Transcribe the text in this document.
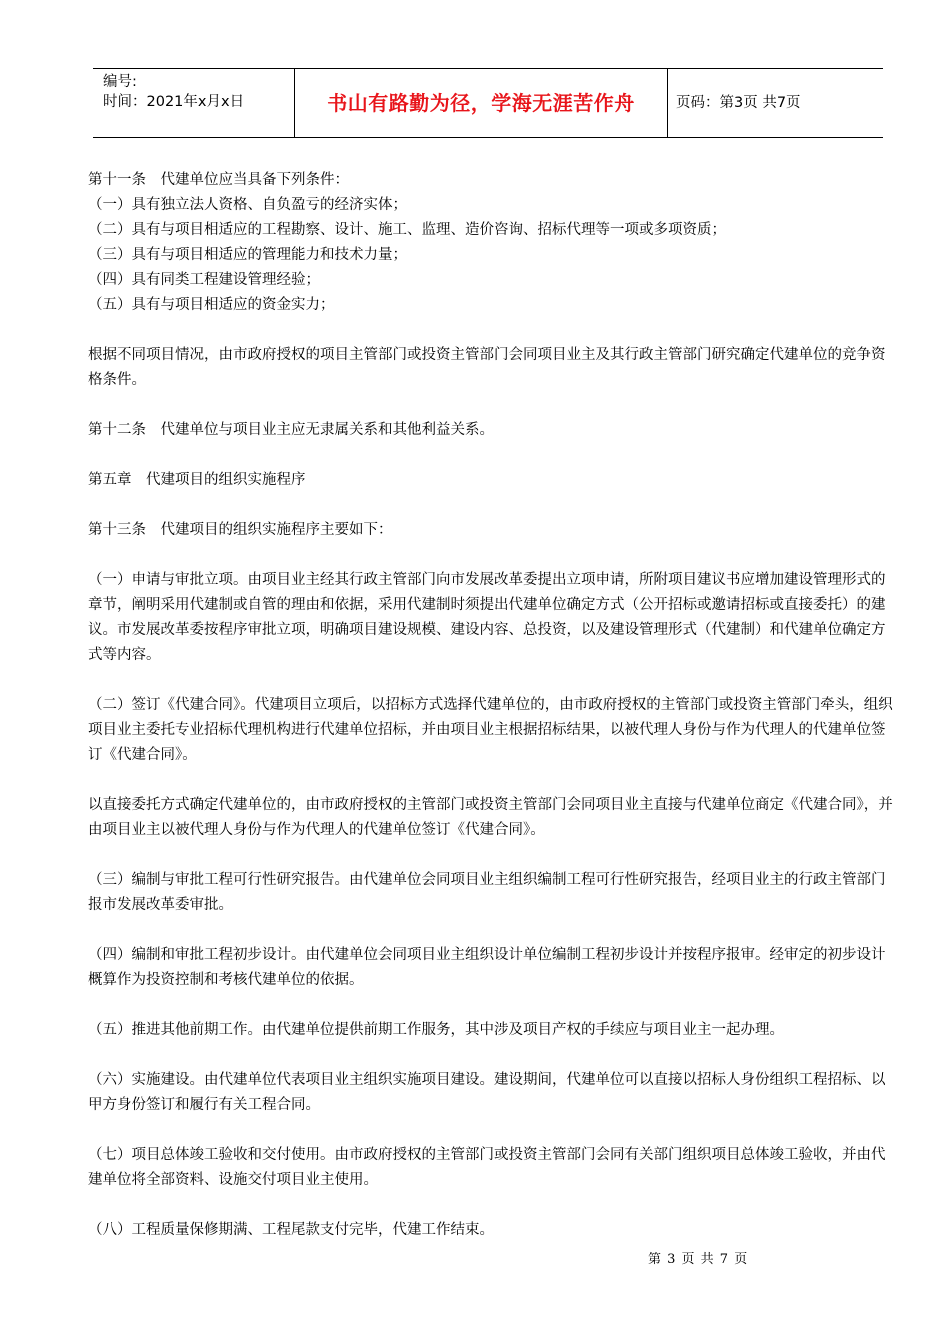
编号:
时间：2021年x月x日	书山有路勤为径，学海无涯苦作舟	页码：第3页 共7页

第十一条　代建单位应当具备下列条件：

（一）具有独立法人资格、自负盈亏的经济实体；

（二）具有与项目相适应的工程勘察、设计、施工、监理、造价咨询、招标代理等一项或多项资质；

（三）具有与项目相适应的管理能力和技术力量；

（四）具有同类工程建设管理经验；

（五）具有与项目相适应的资金实力；

根据不同项目情况，由市政府授权的项目主管部门或投资主管部门会同项目业主及其行政主管部门研究确定代建单位的竞争资格条件。

第十二条　代建单位与项目业主应无隶属关系和其他利益关系。

第五章　代建项目的组织实施程序

第十三条　代建项目的组织实施程序主要如下：

（一）申请与审批立项。由项目业主经其行政主管部门向市发展改革委提出立项申请，所附项目建议书应增加建设管理形式的章节，阐明采用代建制或自管的理由和依据，采用代建制时须提出代建单位确定方式（公开招标或邀请招标或直接委托）的建议。市发展改革委按程序审批立项，明确项目建设规模、建设内容、总投资，以及建设管理形式（代建制）和代建单位确定方式等内容。

（二）签订《代建合同》。代建项目立项后，以招标方式选择代建单位的，由市政府授权的主管部门或投资主管部门牵头，组织项目业主委托专业招标代理机构进行代建单位招标，并由项目业主根据招标结果，以被代理人身份与作为代理人的代建单位签订《代建合同》。

以直接委托方式确定代建单位的，由市政府授权的主管部门或投资主管部门会同项目业主直接与代建单位商定《代建合同》，并由项目业主以被代理人身份与作为代理人的代建单位签订《代建合同》。

（三）编制与审批工程可行性研究报告。由代建单位会同项目业主组织编制工程可行性研究报告，经项目业主的行政主管部门报市发展改革委审批。

（四）编制和审批工程初步设计。由代建单位会同项目业主组织设计单位编制工程初步设计并按程序报审。经审定的初步设计概算作为投资控制和考核代建单位的依据。

（五）推进其他前期工作。由代建单位提供前期工作服务，其中涉及项目产权的手续应与项目业主一起办理。

（六）实施建设。由代建单位代表项目业主组织实施项目建设。建设期间，代建单位可以直接以招标人身份组织工程招标、以甲方身份签订和履行有关工程合同。

（七）项目总体竣工验收和交付使用。由市政府授权的主管部门或投资主管部门会同有关部门组织项目总体竣工验收，并由代建单位将全部资料、设施交付项目业主使用。

（八）工程质量保修期满、工程尾款支付完毕，代建工作结束。

第 3 页 共 7 页
